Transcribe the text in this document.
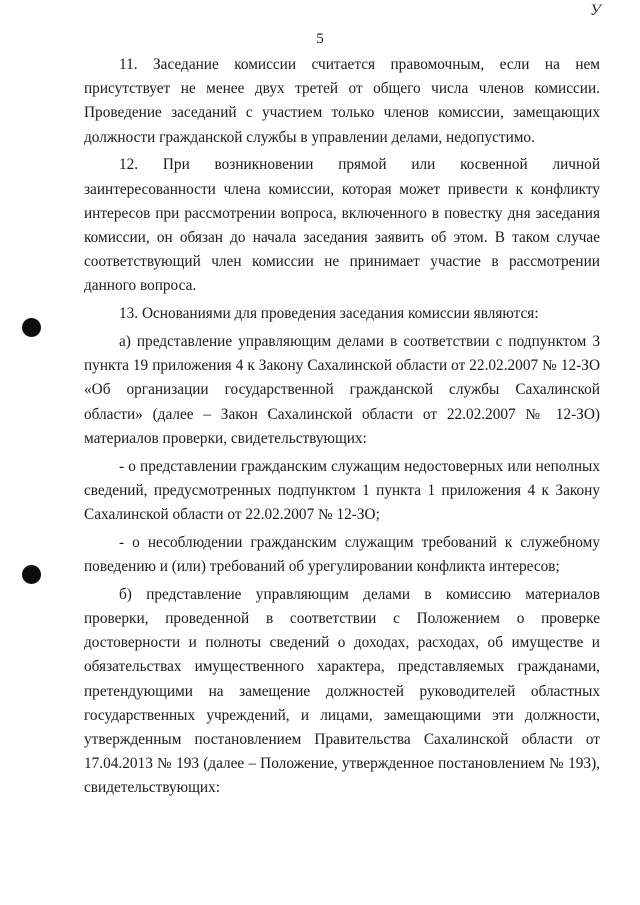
У
5

11. Заседание комиссии считается правомочным, если на нем присутствует не менее двух третей от общего числа членов комиссии. Проведение заседаний с участием только членов комиссии, замещающих должности гражданской службы в управлении делами, недопустимо.

12. При возникновении прямой или косвенной личной заинтересованности члена комиссии, которая может привести к конфликту интересов при рассмотрении вопроса, включенного в повестку дня заседания комиссии, он обязан до начала заседания заявить об этом. В таком случае соответствующий член комиссии не принимает участие в рассмотрении данного вопроса.

13. Основаниями для проведения заседания комиссии являются:

а) представление управляющим делами в соответствии с подпунктом 3 пункта 19 приложения 4 к Закону Сахалинской области от 22.02.2007 № 12-ЗО «Об организации государственной гражданской службы Сахалинской области» (далее – Закон Сахалинской области от 22.02.2007 № 12-ЗО) материалов проверки, свидетельствующих:

- о представлении гражданским служащим недостоверных или неполных сведений, предусмотренных подпунктом 1 пункта 1 приложения 4 к Закону Сахалинской области от 22.02.2007 № 12-ЗО;

- о несоблюдении гражданским служащим требований к служебному поведению и (или) требований об урегулировании конфликта интересов;

б) представление управляющим делами в комиссию материалов проверки, проведенной в соответствии с Положением о проверке достоверности и полноты сведений о доходах, расходах, об имуществе и обязательствах имущественного характера, представляемых гражданами, претендующими на замещение должностей руководителей областных государственных учреждений, и лицами, замещающими эти должности, утвержденным постановлением Правительства Сахалинской области от 17.04.2013 № 193 (далее – Положение, утвержденное постановлением № 193), свидетельствующих:
